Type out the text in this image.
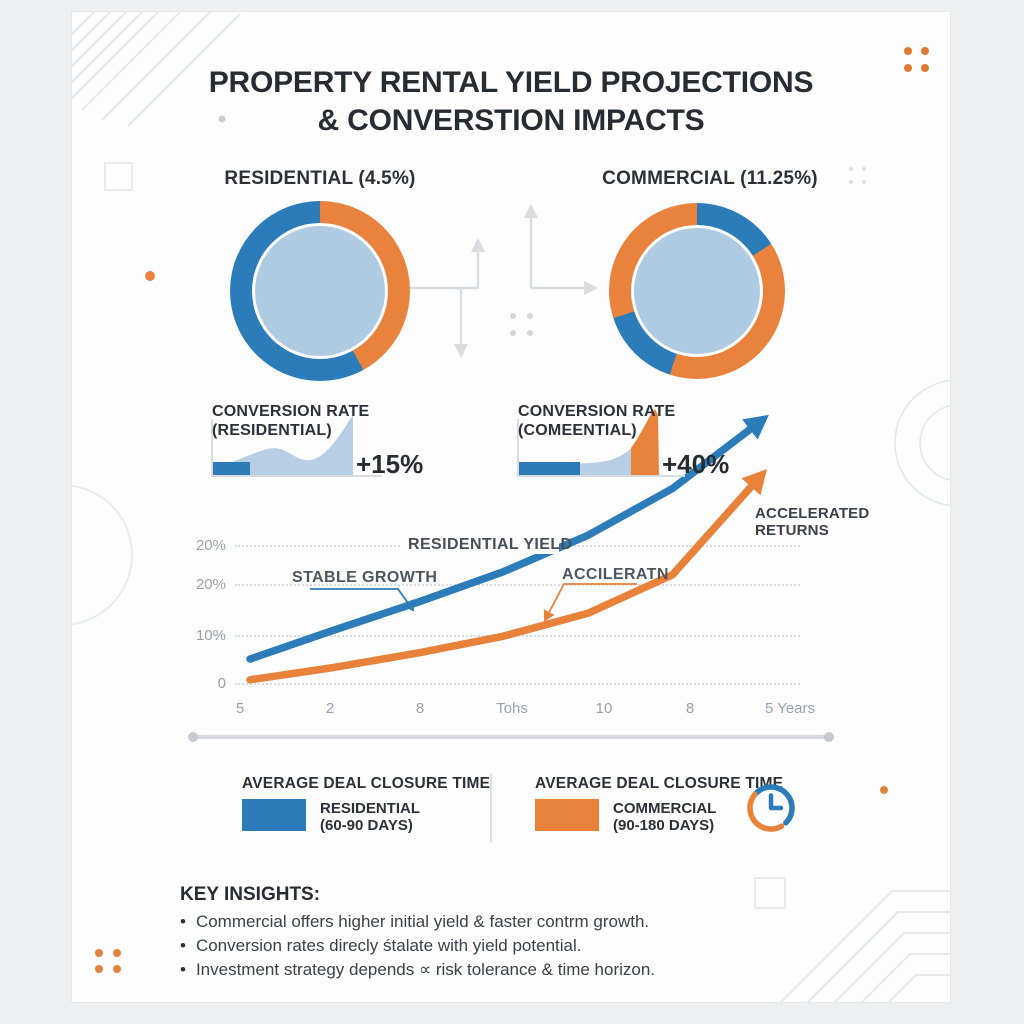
PROPERTY RENTAL YIELD PROJECTIONS
& CONVERSTION IMPACTS
RESIDENTIAL (4.5%)	COMMERCIAL (11.25%)
CONVERSION RATE
(RESIDENTIAL)
+15%
CONVERSION RATE
(COMEENTIAL)
+40%
20%
20%
10%
0
5	2	8	Tohs	10	8	5 Years
RESIDENTIAL YIELD
STABLE GROWTH	ACCILERATN
ACCELERATED
RETURNS
AVERAGE DEAL CLOSURE TIME
RESIDENTIAL
(60-90 DAYS)
AVERAGE DEAL CLOSURE TIME
COMMERCIAL
(90-180 DAYS)
KEY INSIGHTS:
• Commercial offers higher initial yield & faster contrm growth.
• Conversion rates direcly śtalate with yield potential.
• Investment strategy depends ∝ risk tolerance & time horizon.
